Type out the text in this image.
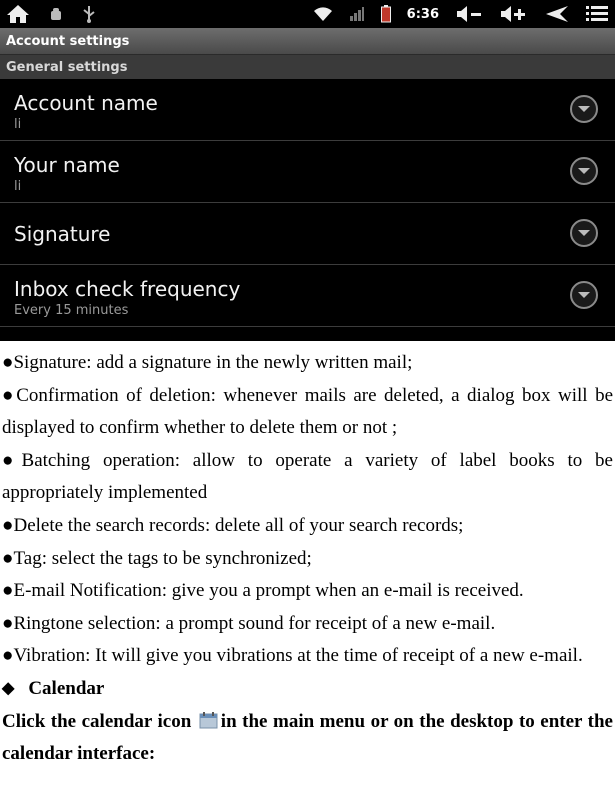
6:36
Account settings
General settings
Account name
li
Your name
li
Signature
Inbox check frequency
Every 15 minutes

●Signature: add a signature in the newly written mail;

●Confirmation of deletion: whenever mails are deleted, a dialog box will be displayed to confirm whether to delete them or not ;

●Batching operation: allow to operate a variety of label books to be appropriately implemented

●Delete the search records: delete all of your search records;

●Tag: select the tags to be synchronized;

●E-mail Notification: give you a prompt when an e-mail is received.

●Ringtone selection: a prompt sound for receipt of a new e-mail.

●Vibration: It will give you vibrations at the time of receipt of a new e-mail.

◆ Calendar

Click the calendar icon in the main menu or on the desktop to enter the calendar interface:
